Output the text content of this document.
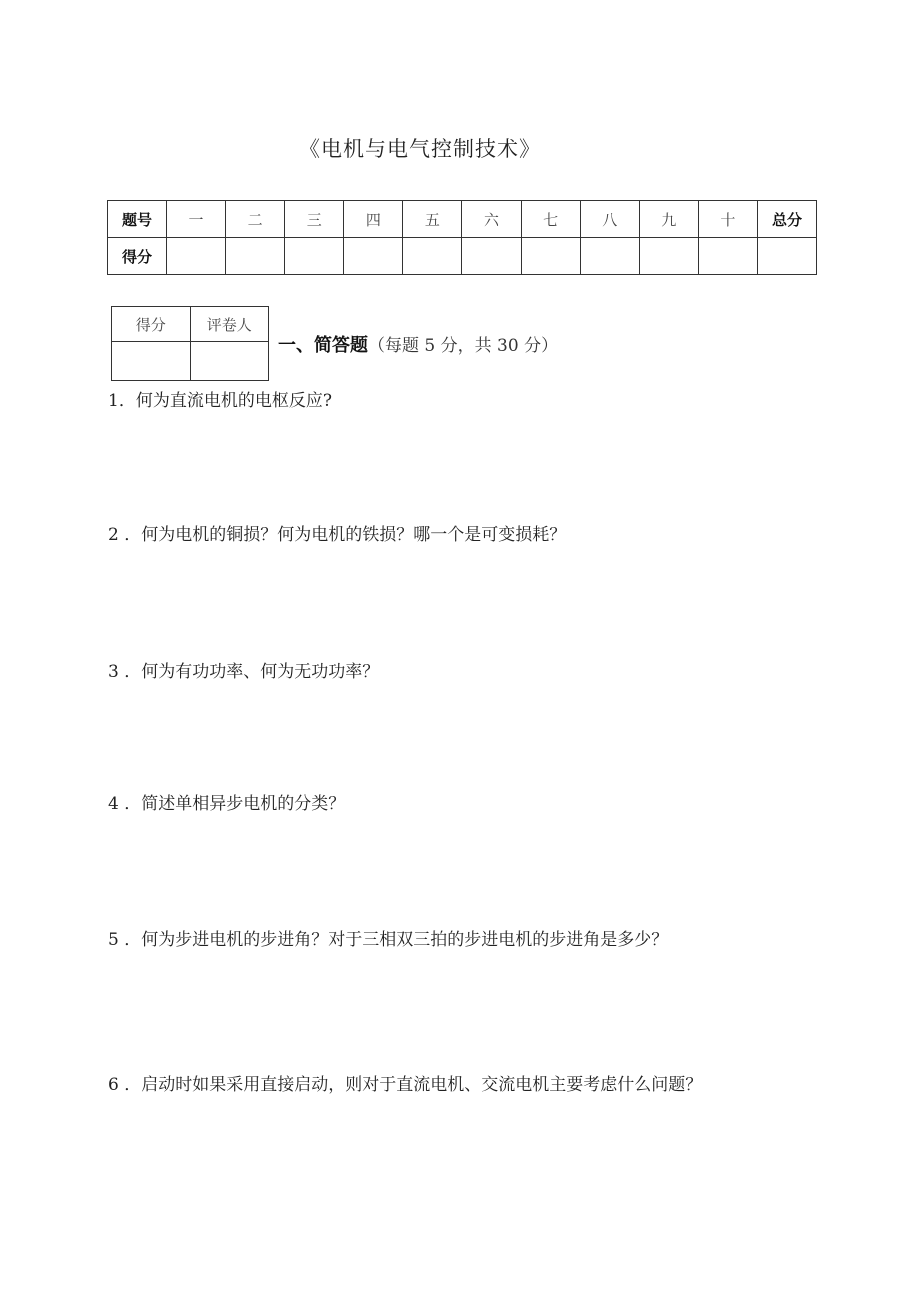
《电机与电气控制技术》
题号	一	二	三	四	五	六	七	八	九	十	总分
得分											
得分	评卷人

一、简答题（每题 5 分，共 30 分）
1．何为直流电机的电枢反应?
2 ．何为电机的铜损？何为电机的铁损？哪一个是可变损耗？
3 ．何为有功功率、何为无功功率？
4 ．简述单相异步电机的分类？
5 ．何为步进电机的步进角？对于三相双三拍的步进电机的步进角是多少？
6 ．启动时如果采用直接启动，则对于直流电机、交流电机主要考虑什么问题？
